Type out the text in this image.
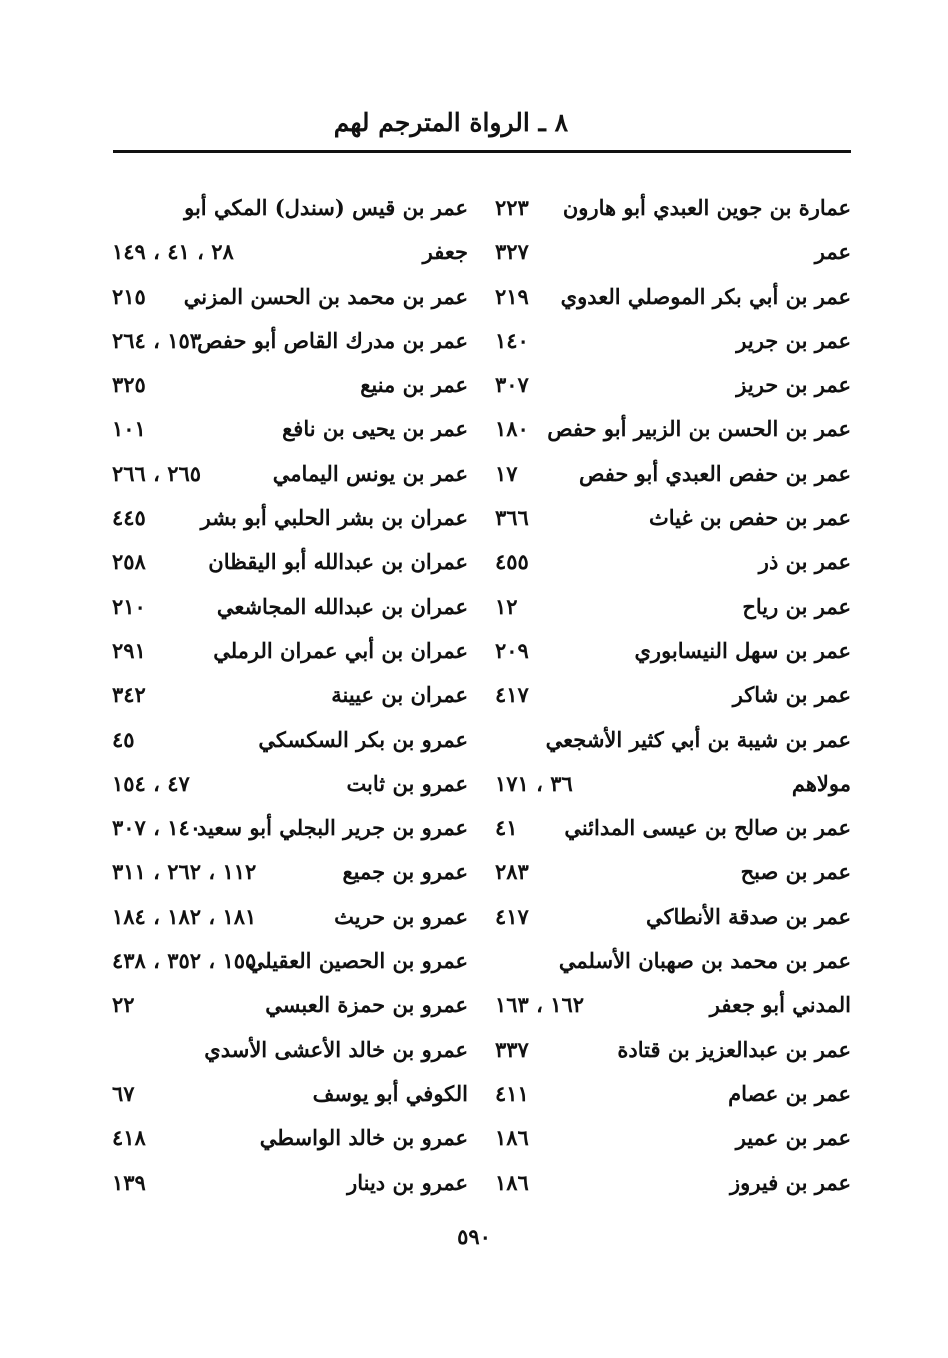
٨ ـ الرواة المترجم لهم
عمارة بن جوين العبدي أبو هارون
٢٢٣
عمر
٣٢٧
عمر بن أبي بكر الموصلي العدوي
٢١٩
عمر بن جرير
١٤٠
عمر بن حريز
٣٠٧
عمر بن الحسن بن الزبير أبو حفص
١٨٠
عمر بن حفص العبدي أبو حفص
١٧
عمر بن حفص بن غياث
٣٦٦
عمر بن ذر
٤٥٥
عمر بن رياح
١٢
عمر بن سهل النيسابوري
٢٠٩
عمر بن شاكر
٤١٧
عمر بن شيبة بن أبي كثير الأشجعي
مولاهم
٣٦ ، ١٧١
عمر بن صالح بن عيسى المدائني
٤١
عمر بن صبح
٢٨٣
عمر بن صدقة الأنطاكي
٤١٧
عمر بن محمد بن صهبان الأسلمي
المدني أبو جعفر
١٦٢ ، ١٦٣
عمر بن عبدالعزيز بن قتادة
٣٣٧
عمر بن عصام
٤١١
عمر بن عمير
١٨٦
عمر بن فيروز
١٨٦
عمر بن قيس (سندل) المكي أبو
جعفر
٢٨ ، ٤١ ، ١٤٩
عمر بن محمد بن الحسن المزني
٢١٥
عمر بن مدرك القاص أبو حفص
١٥٣ ، ٢٦٤
عمر بن منيع
٣٢٥
عمر بن يحيى بن نافع
١٠١
عمر بن يونس اليمامي
٢٦٥ ، ٢٦٦
عمران بن بشر الحلبي أبو بشر
٤٤٥
عمران بن عبدالله أبو اليقظان
٢٥٨
عمران بن عبدالله المجاشعي
٢١٠
عمران بن أبي عمران الرملي
٢٩١
عمران بن عيينة
٣٤٢
عمرو بن بكر السكسكي
٤٥
عمرو بن ثابت
٤٧ ، ١٥٤
عمرو بن جرير البجلي أبو سعيد
١٤٠ ، ٣٠٧
عمرو بن جميع
١١٢ ، ٢٦٢ ، ٣١١
عمرو بن حريث
١٨١ ، ١٨٢ ، ١٨٤
عمرو بن الحصين العقيلي
١٥٥ ، ٣٥٢ ، ٤٣٨
عمرو بن حمزة العبسي
٢٢
عمرو بن خالد الأعشى الأسدي
الكوفي أبو يوسف
٦٧
عمرو بن خالد الواسطي
٤١٨
عمرو بن دينار
١٣٩
٥٩٠
